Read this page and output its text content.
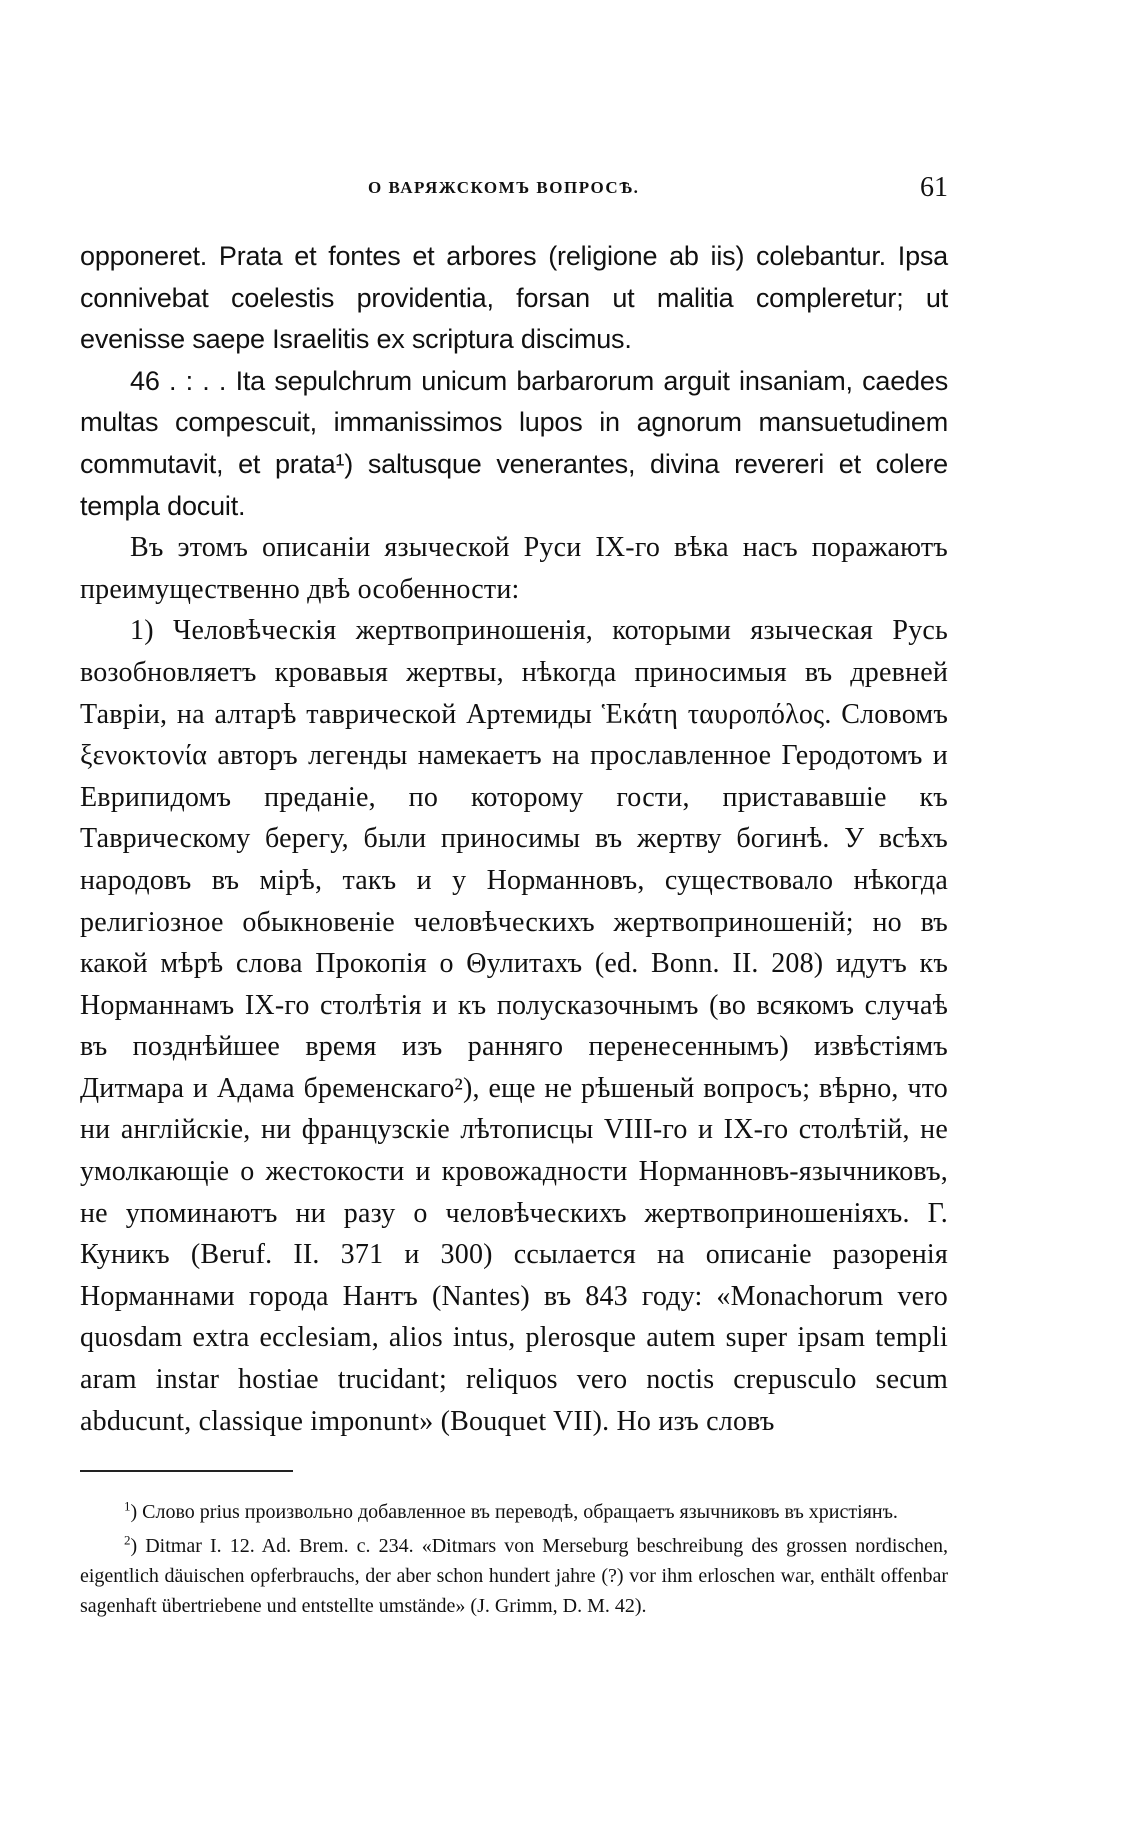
О ВАРЯЖСКОМЪ ВОПРОСѢ.	61

opponeret. Prata et fontes et arbores (religione ab iis) colebantur. Ipsa connivebat coelestis providentia, forsan ut malitia compleretur; ut evenisse saepe Israelitis ex scriptura discimus.

46 . : . . Ita sepulchrum unicum barbarorum arguit insaniam, caedes multas compescuit, immanissimos lupos in agnorum mansuetudinem commutavit, et prata¹) saltusque venerantes, divina revereri et colere templa docuit.

Въ этомъ описаніи языческой Руси IX-го вѣка насъ поражаютъ преимущественно двѣ особенности:

1) Человѣческія жертвоприношенія, которыми языческая Русь возобновляетъ кровавыя жертвы, нѣкогда приносимыя въ древней Тавріи, на алтарѣ таврической Артемиды Ἑκάτη ταυροπόλος. Словомъ ξενοκτονία авторъ легенды намекаетъ на прославленное Геродотомъ и Еврипидомъ преданіе, по которому гости, пристававшіе къ Таврическому берегу, были приносимы въ жертву богинѣ. У всѣхъ народовъ въ мірѣ, такъ и у Норманновъ, существовало нѣкогда религіозное обыкновеніе человѣческихъ жертвоприношеній; но въ какой мѣрѣ слова Прокопія о Θулитахъ (ed. Bonn. II. 208) идутъ къ Норманнамъ IX-го столѣтія и къ полусказочнымъ (во всякомъ случаѣ въ позднѣйшее время изъ ранняго перенесеннымъ) извѣстіямъ Дитмара и Адама бременскаго²), еще не рѣшеный вопросъ; вѣрно, что ни англійскіе, ни французскіе лѣтописцы VIII-го и IX-го столѣтій, не умолкающіе о жестокости и кровожадности Норманновъ-язычниковъ, не упоминаютъ ни разу о человѣческихъ жертвоприношеніяхъ. Г. Куникъ (Beruf. II. 371 и 300) ссылается на описаніе разоренія Норманнами города Нантъ (Nantes) въ 843 году: «Monachorum vero quosdam extra ecclesiam, alios intus, plerosque autem super ipsam templi aram instar hostiae trucidant; reliquos vero noctis crepusculo secum abducunt, classique imponunt» (Bouquet VII). Но изъ словъ

$^1$) Слово prius произвольно добавленное въ переводѣ, обращаетъ язычниковъ въ христіянъ.

$^2$) Ditmar I. 12. Ad. Brem. c. 234. «Ditmars von Merseburg beschreibung des grossen nordischen, eigentlich däuischen opferbrauchs, der aber schon hundert jahre (?) vor ihm erloschen war, enthält offenbar sagenhaft übertriebene und entstellte umstände» (J. Grimm, D. M. 42).
